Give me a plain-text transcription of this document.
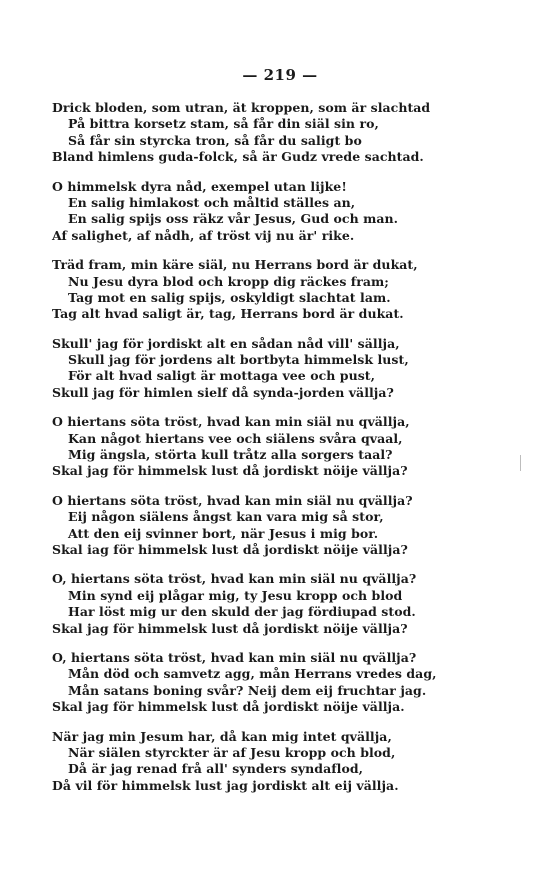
— 219 —
Drick bloden, som utran, ät kroppen, som är slachtad
På bittra korsetz stam, så får din siäl sin ro,
Så får sin styrcka tron, så får du saligt bo
Bland himlens guda-folck, så är Gudz vrede sachtad.
O himmelsk dyra nåd, exempel utan lijke!
En salig himlakost och måltid ställes an,
En salig spijs oss räkz vår Jesus, Gud och man.
Af salighet, af nådh, af tröst vij nu är' rike.
Träd fram, min käre siäl, nu Herrans bord är dukat,
Nu Jesu dyra blod och kropp dig räckes fram;
Tag mot en salig spijs, oskyldigt slachtat lam.
Tag alt hvad saligt är, tag, Herrans bord är dukat.
Skull' jag för jordiskt alt en sådan nåd vill' sällja,
Skull jag för jordens alt bortbyta himmelsk lust,
För alt hvad saligt är mottaga vee och pust,
Skull jag för himlen sielf då synda-jorden vällja?
O hiertans söta tröst, hvad kan min siäl nu qvällja,
Kan något hiertans vee och siälens svåra qvaal,
Mig ängsla, störta kull tråtz alla sorgers taal?
Skal jag för himmelsk lust då jordiskt nöije vällja?
O hiertans söta tröst, hvad kan min siäl nu qvällja?
Eij någon siälens ångst kan vara mig så stor,
Att den eij svinner bort, när Jesus i mig bor.
Skal iag för himmelsk lust då jordiskt nöije vällja?
O, hiertans söta tröst, hvad kan min siäl nu qvällja?
Min synd eij plågar mig, ty Jesu kropp och blod
Har löst mig ur den skuld der jag fördiupad stod.
Skal jag för himmelsk lust då jordiskt nöije vällja?
O, hiertans söta tröst, hvad kan min siäl nu qvällja?
Mån död och samvetz agg, mån Herrans vredes dag,
Mån satans boning svår? Neij dem eij fruchtar jag.
Skal jag för himmelsk lust då jordiskt nöije vällja.
När jag min Jesum har, då kan mig intet qvällja,
När siälen styrckter är af Jesu kropp och blod,
Då är jag renad frå all' synders syndaflod,
Då vil för himmelsk lust jag jordiskt alt eij vällja.
